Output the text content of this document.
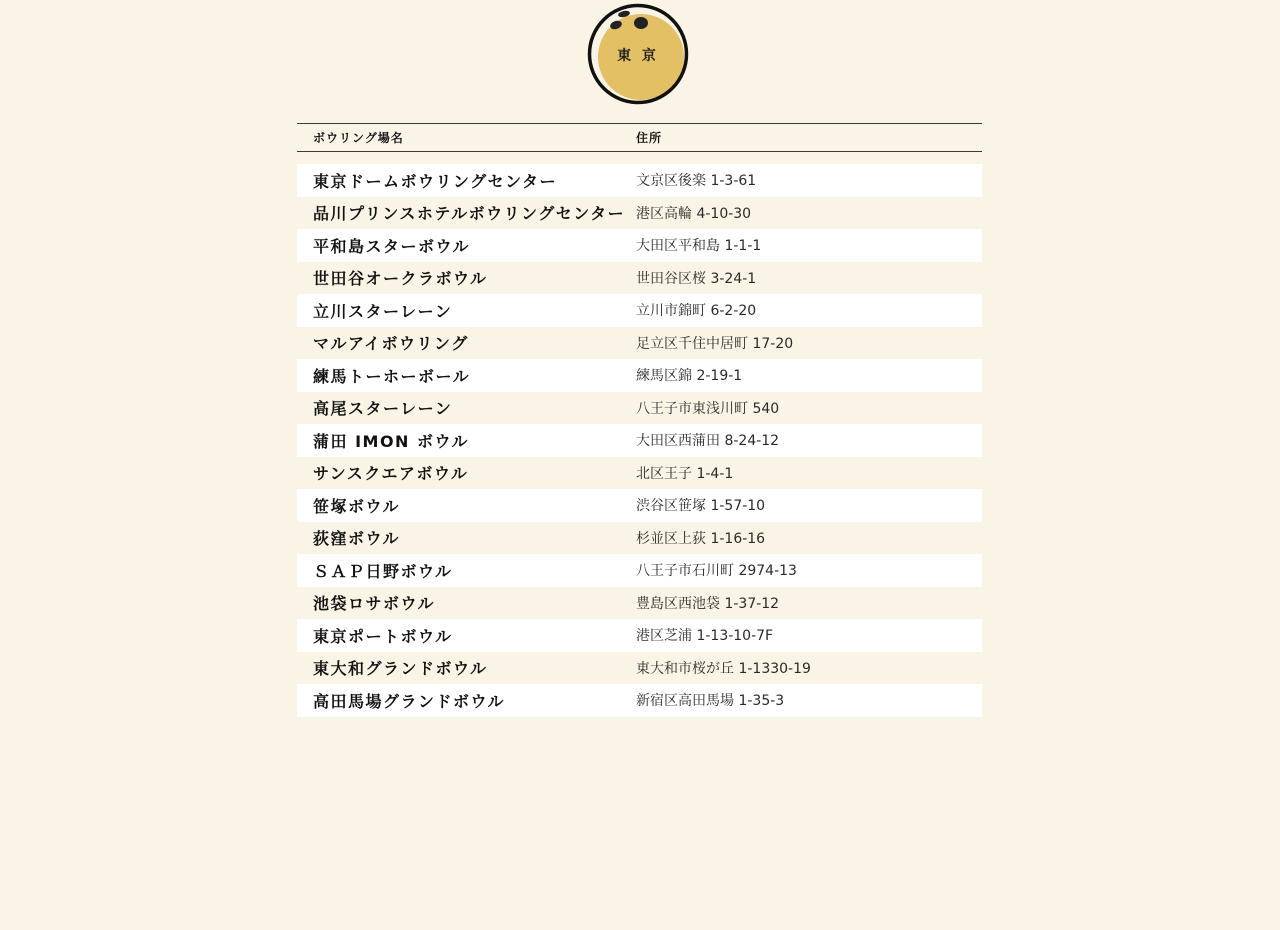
東 京
ボウリング場名	住所
東京ドームボウリングセンター	文京区後楽 1-3-61
品川プリンスホテルボウリングセンター 港区高輪 4-10-30
平和島スターボウル	大田区平和島 1-1-1
世田谷オークラボウル	世田谷区桜 3-24-1
立川スターレーン	立川市錦町 6-2-20
マルアイボウリング	足立区千住中居町 17-20
練馬トーホーボール	練馬区錦 2-19-1
高尾スターレーン	八王子市東浅川町 540
蒲田 IMON ボウル	大田区西蒲田 8-24-12
サンスクエアボウル	北区王子 1-4-1
笹塚ボウル	渋谷区笹塚 1-57-10
荻窪ボウル	杉並区上荻 1-16-16
ＳＡＰ日野ボウル	八王子市石川町 2974-13
池袋ロサボウル	豊島区西池袋 1-37-12
東京ポートボウル	港区芝浦 1-13-10-7F
東大和グランドボウル	東大和市桜が丘 1-1330-19
高田馬場グランドボウル	新宿区高田馬場 1-35-3
